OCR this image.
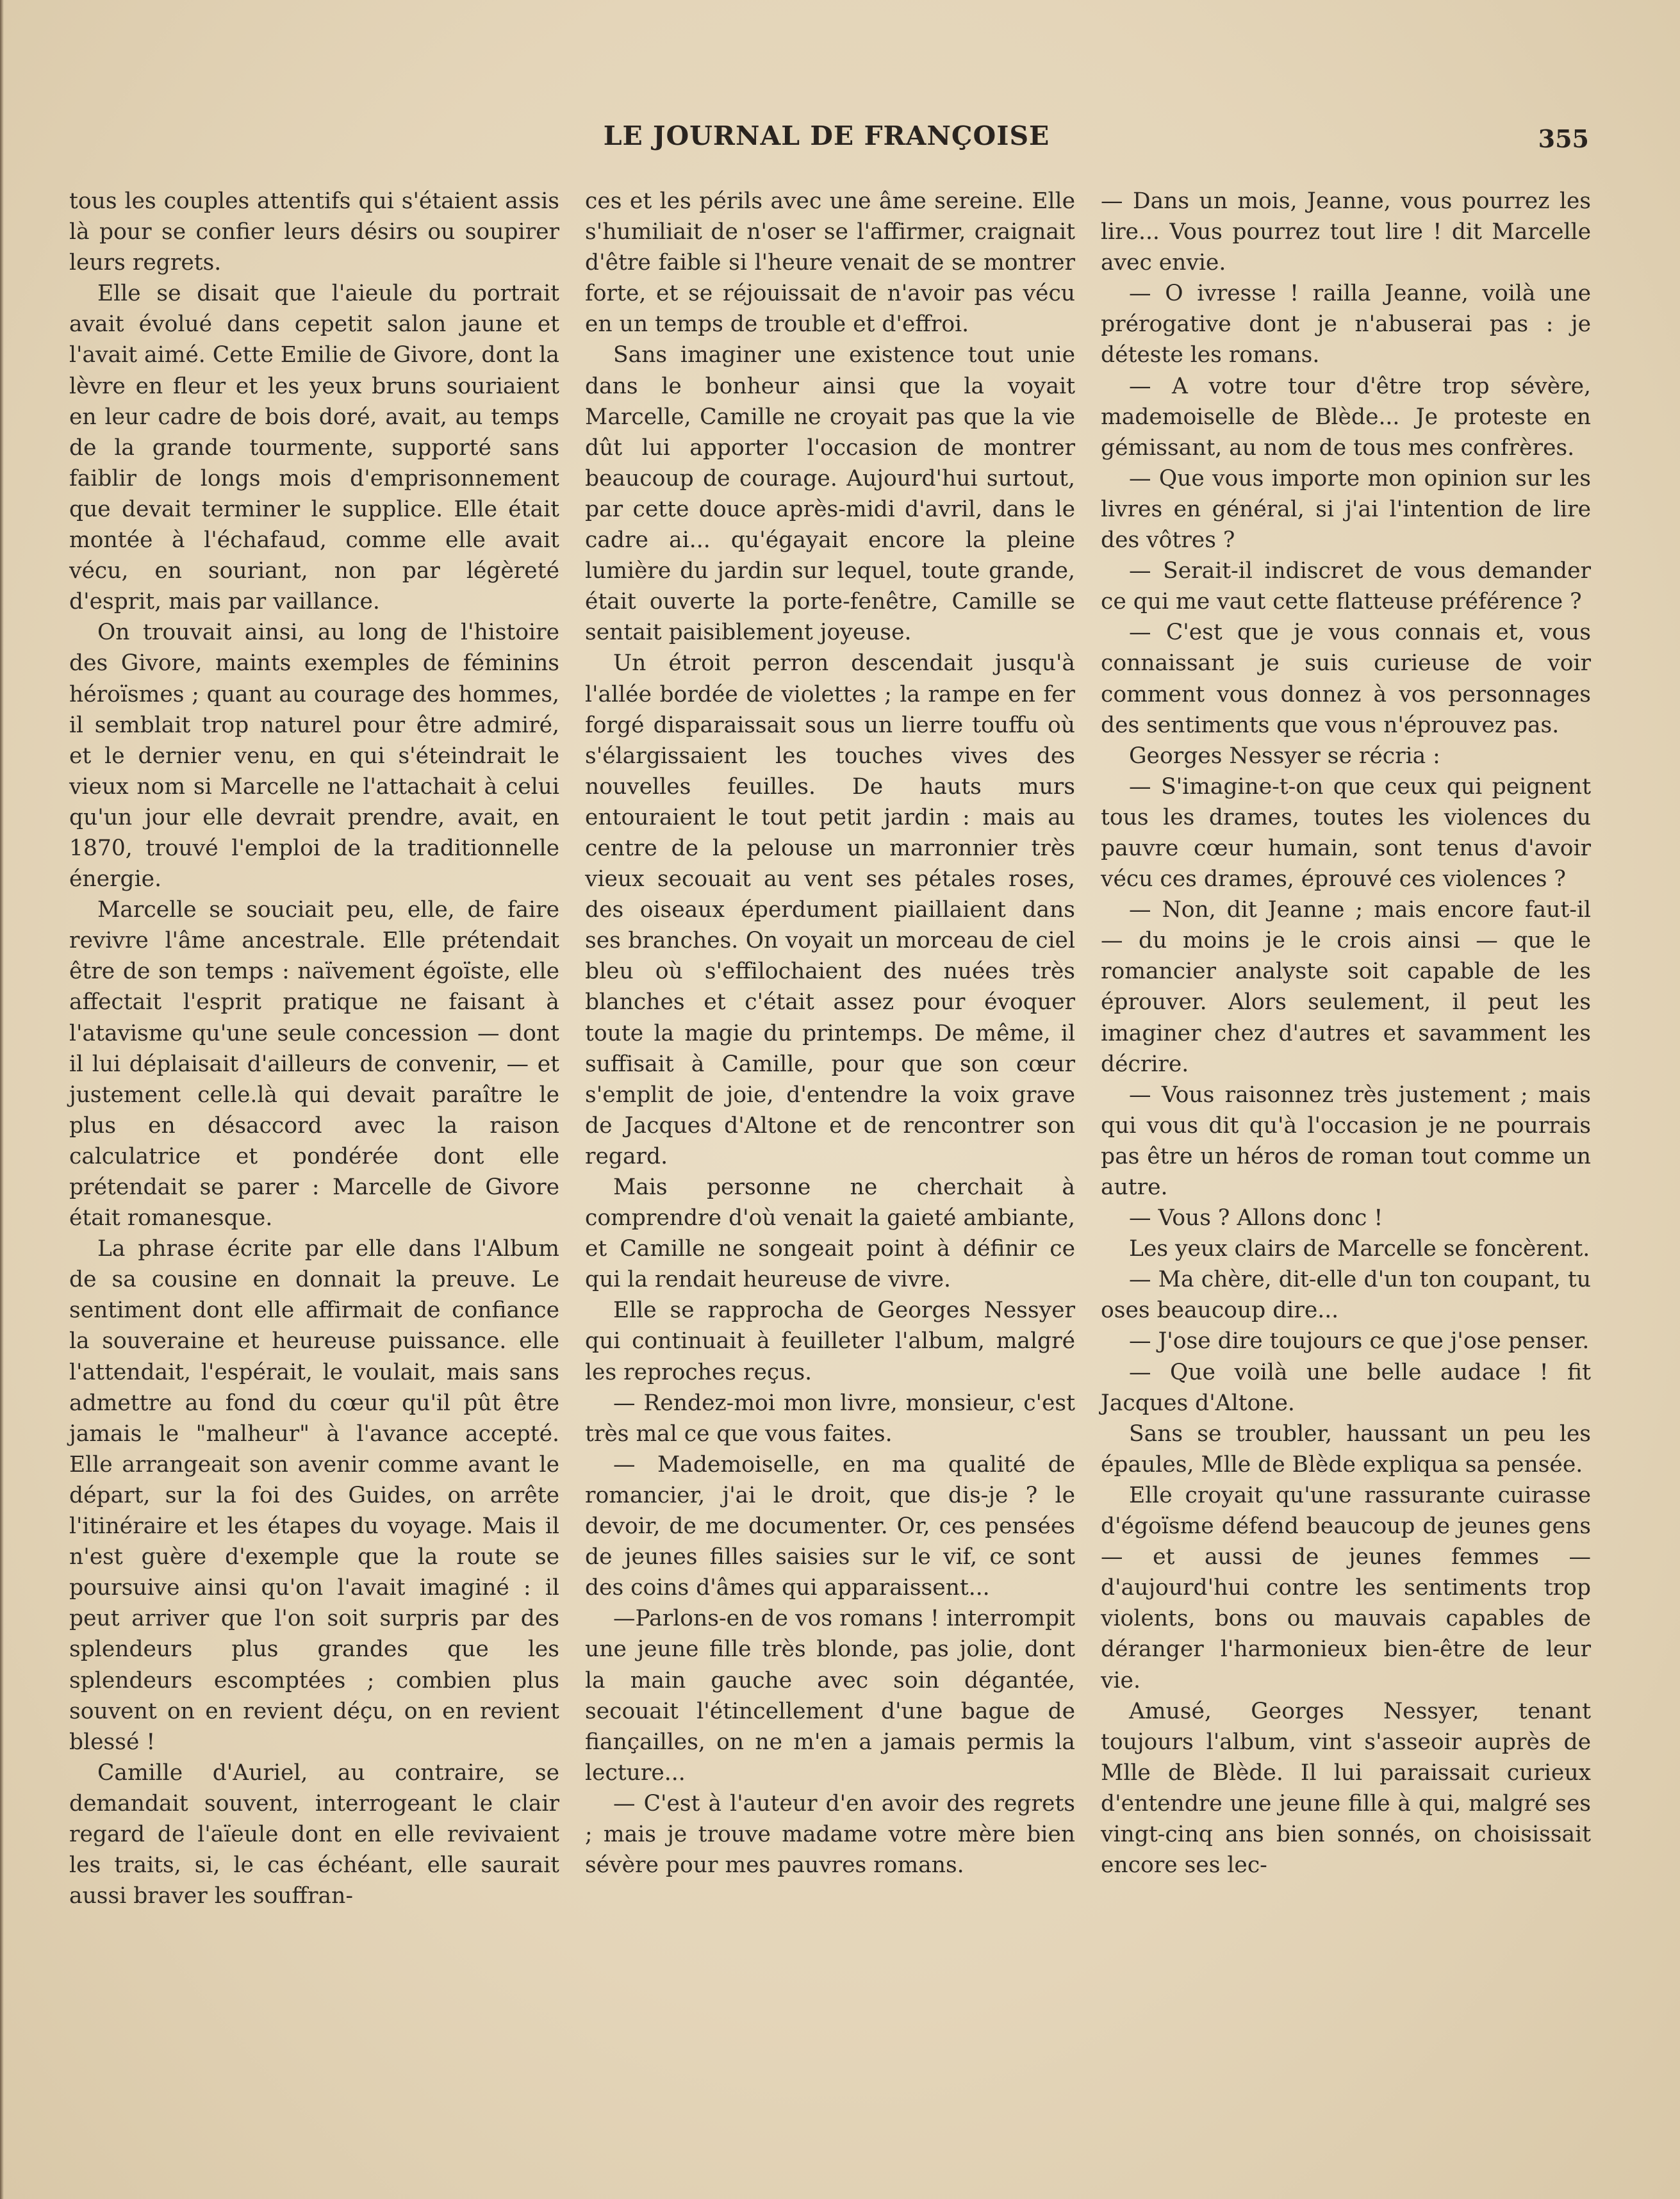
LE JOURNAL DE FRANÇOISE	355

tous les couples attentifs qui s'étaient assis là pour se confier leurs désirs ou soupirer leurs regrets.

Elle se disait que l'aieule du portrait avait évolué dans cepetit salon jaune et l'avait aimé. Cette Emilie de Givore, dont la lèvre en fleur et les yeux bruns souriaient en leur cadre de bois doré, avait, au temps de la grande tourmente, supporté sans faiblir de longs mois d'emprisonnement que devait terminer le supplice. Elle était montée à l'échafaud, comme elle avait vécu, en souriant, non par légèreté d'esprit, mais par vaillance.

On trouvait ainsi, au long de l'histoire des Givore, maints exemples de féminins héroïsmes ; quant au courage des hommes, il semblait trop naturel pour être admiré, et le dernier venu, en qui s'éteindrait le vieux nom si Marcelle ne l'attachait à celui qu'un jour elle devrait prendre, avait, en 1870, trouvé l'emploi de la traditionnelle énergie.

Marcelle se souciait peu, elle, de faire revivre l'âme ancestrale. Elle prétendait être de son temps : naïvement égoïste, elle affectait l'esprit pratique ne faisant à l'atavisme qu'une seule concession — dont il lui déplaisait d'ailleurs de convenir, — et justement celle.là qui devait paraître le plus en désaccord avec la raison calculatrice et pondérée dont elle prétendait se parer : Marcelle de Givore était romanesque.

La phrase écrite par elle dans l'Album de sa cousine en donnait la preuve. Le sentiment dont elle affirmait de confiance la souveraine et heureuse puissance. elle l'attendait, l'espérait, le voulait, mais sans admettre au fond du cœur qu'il pût être jamais le "malheur" à l'avance accepté. Elle arrangeait son avenir comme avant le départ, sur la foi des Guides, on arrête l'itinéraire et les étapes du voyage. Mais il n'est guère d'exemple que la route se poursuive ainsi qu'on l'avait imaginé : il peut arriver que l'on soit surpris par des splendeurs plus grandes que les splendeurs escomptées ; combien plus souvent on en revient déçu, on en revient blessé !

Camille d'Auriel, au contraire, se demandait souvent, interrogeant le clair regard de l'aïeule dont en elle revivaient les traits, si, le cas échéant, elle saurait aussi braver les souffran-

ces et les périls avec une âme sereine. Elle s'humiliait de n'oser se l'affirmer, craignait d'être faible si l'heure venait de se montrer forte, et se réjouissait de n'avoir pas vécu en un temps de trouble et d'effroi.

Sans imaginer une existence tout unie dans le bonheur ainsi que la voyait Marcelle, Camille ne croyait pas que la vie dût lui apporter l'occasion de montrer beaucoup de courage. Aujourd'hui surtout, par cette douce après-midi d'avril, dans le cadre ai... qu'égayait encore la pleine lumière du jardin sur lequel, toute grande, était ouverte la porte-fenêtre, Camille se sentait paisiblement joyeuse.

Un étroit perron descendait jusqu'à l'allée bordée de violettes ; la rampe en fer forgé disparaissait sous un lierre touffu où s'élargissaient les touches vives des nouvelles feuilles. De hauts murs entouraient le tout petit jardin : mais au centre de la pelouse un marronnier très vieux secouait au vent ses pétales roses, des oiseaux éperdument piaillaient dans ses branches. On voyait un morceau de ciel bleu où s'effilochaient des nuées très blanches et c'était assez pour évoquer toute la magie du printemps. De même, il suffisait à Camille, pour que son cœur s'emplit de joie, d'entendre la voix grave de Jacques d'Altone et de rencontrer son regard.

Mais personne ne cherchait à comprendre d'où venait la gaieté ambiante, et Camille ne songeait point à définir ce qui la rendait heureuse de vivre.

Elle se rapprocha de Georges Nessyer qui continuait à feuilleter l'album, malgré les reproches reçus.

— Rendez-moi mon livre, monsieur, c'est très mal ce que vous faites.

— Mademoiselle, en ma qualité de romancier, j'ai le droit, que dis-je ? le devoir, de me documenter. Or, ces pensées de jeunes filles saisies sur le vif, ce sont des coins d'âmes qui apparaissent...

—Parlons-en de vos romans ! interrompit une jeune fille très blonde, pas jolie, dont la main gauche avec soin dégantée, secouait l'étincellement d'une bague de fiançailles, on ne m'en a jamais permis la lecture...

— C'est à l'auteur d'en avoir des regrets ; mais je trouve madame votre mère bien sévère pour mes pauvres romans.

— Dans un mois, Jeanne, vous pourrez les lire... Vous pourrez tout lire ! dit Marcelle avec envie.

— O ivresse ! railla Jeanne, voilà une prérogative dont je n'abuserai pas : je déteste les romans.

— A votre tour d'être trop sévère, mademoiselle de Blède... Je proteste en gémissant, au nom de tous mes confrères.

— Que vous importe mon opinion sur les livres en général, si j'ai l'intention de lire des vôtres ?

— Serait-il indiscret de vous demander ce qui me vaut cette flatteuse préférence ?

— C'est que je vous connais et, vous connaissant je suis curieuse de voir comment vous donnez à vos personnages des sentiments que vous n'éprouvez pas.

Georges Nessyer se récria :

— S'imagine-t-on que ceux qui peignent tous les drames, toutes les violences du pauvre cœur humain, sont tenus d'avoir vécu ces drames, éprouvé ces violences ?

— Non, dit Jeanne ; mais encore faut-il — du moins je le crois ainsi — que le romancier analyste soit capable de les éprouver. Alors seulement, il peut les imaginer chez d'autres et savamment les décrire.

— Vous raisonnez très justement ; mais qui vous dit qu'à l'occasion je ne pourrais pas être un héros de roman tout comme un autre.

— Vous ? Allons donc !

Les yeux clairs de Marcelle se foncèrent.

— Ma chère, dit-elle d'un ton coupant, tu oses beaucoup dire...

— J'ose dire toujours ce que j'ose penser.

— Que voilà une belle audace ! fit Jacques d'Altone.

Sans se troubler, haussant un peu les épaules, Mlle de Blède expliqua sa pensée.

Elle croyait qu'une rassurante cuirasse d'égoïsme défend beaucoup de jeunes gens — et aussi de jeunes femmes — d'aujourd'hui contre les sentiments trop violents, bons ou mauvais capables de déranger l'harmonieux bien-être de leur vie.

Amusé, Georges Nessyer, tenant toujours l'album, vint s'asseoir auprès de Mlle de Blède. Il lui paraissait curieux d'entendre une jeune fille à qui, malgré ses vingt-cinq ans bien sonnés, on choisissait encore ses lec-
